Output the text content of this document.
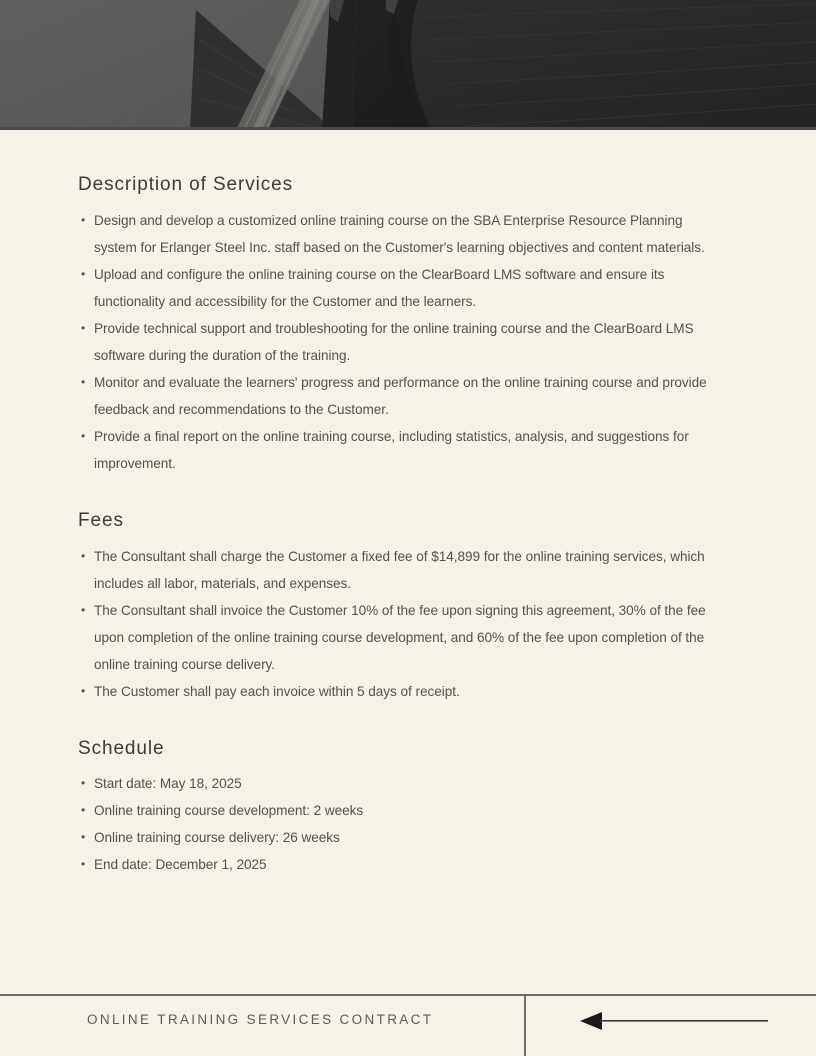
Description of Services
• Design and develop a customized online training course on the SBA Enterprise Resource Planning system for Erlanger Steel Inc. staff based on the Customer's learning objectives and content materials.
• Upload and configure the online training course on the ClearBoard LMS software and ensure its functionality and accessibility for the Customer and the learners.
• Provide technical support and troubleshooting for the online training course and the ClearBoard LMS software during the duration of the training.
• Monitor and evaluate the learners' progress and performance on the online training course and provide feedback and recommendations to the Customer.
• Provide a final report on the online training course, including statistics, analysis, and suggestions for improvement.
Fees
• The Consultant shall charge the Customer a fixed fee of $14,899 for the online training services, which includes all labor, materials, and expenses.
• The Consultant shall invoice the Customer 10% of the fee upon signing this agreement, 30% of the fee upon completion of the online training course development, and 60% of the fee upon completion of the online training course delivery.
• The Customer shall pay each invoice within 5 days of receipt.
Schedule
• Start date: May 18, 2025
• Online training course development: 2 weeks
• Online training course delivery: 26 weeks
• End date: December 1, 2025
ONLINE TRAINING SERVICES CONTRACT
